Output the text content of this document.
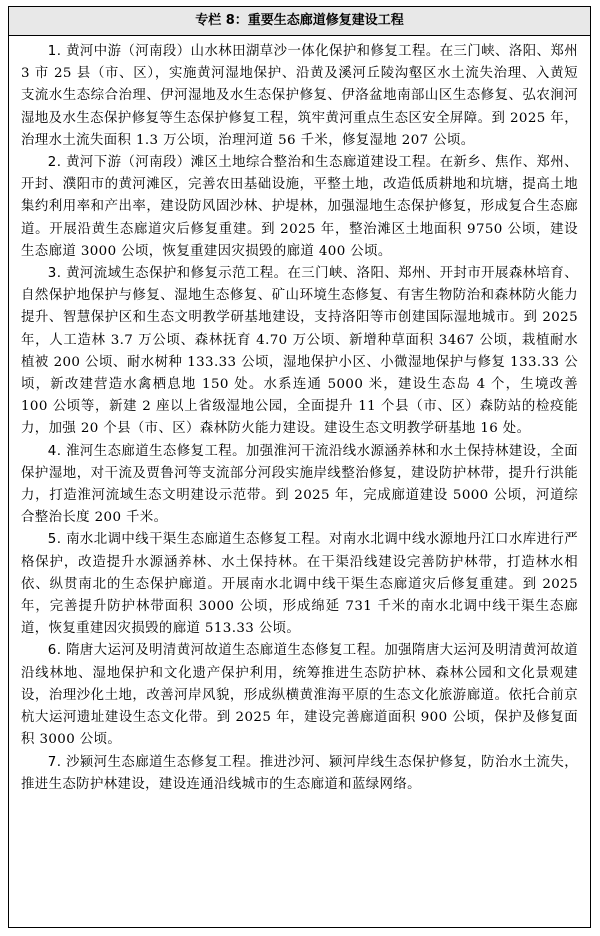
专栏 8：重要生态廊道修复建设工程

1. 黄河中游（河南段）山水林田湖草沙一体化保护和修复工程。在三门峡、洛阳、郑州 3 市 25 县（市、区），实施黄河湿地保护、沿黄及溪河丘陵沟壑区水土流失治理、入黄短支流水生态综合治理、伊河湿地及水生态保护修复、伊洛盆地南部山区生态修复、弘农涧河湿地及水生态保护修复等生态保护修复工程，筑牢黄河重点生态区安全屏障。到 2025 年，治理水土流失面积 1.3 万公顷，治理河道 56 千米，修复湿地 207 公顷。

2. 黄河下游（河南段）滩区土地综合整治和生态廊道建设工程。在新乡、焦作、郑州、开封、濮阳市的黄河滩区，完善农田基础设施，平整土地，改造低质耕地和坑塘，提高土地集约利用率和产出率，建设防风固沙林、护堤林，加强湿地生态保护修复，形成复合生态廊道。开展沿黄生态廊道灾后修复重建。到 2025 年，整治滩区土地面积 9750 公顷，建设生态廊道 3000 公顷，恢复重建因灾损毁的廊道 400 公顷。

3. 黄河流域生态保护和修复示范工程。在三门峡、洛阳、郑州、开封市开展森林培育、自然保护地保护与修复、湿地生态修复、矿山环境生态修复、有害生物防治和森林防火能力提升、智慧保护区和生态文明教学研基地建设，支持洛阳等市创建国际湿地城市。到 2025 年，人工造林 3.7 万公顷、森林抚育 4.70 万公顷、新增种草面积 3467 公顷，栽植耐水植被 200 公顷、耐水树种 133.33 公顷，湿地保护小区、小微湿地保护与修复 133.33 公顷，新改建营造水禽栖息地 150 处。水系连通 5000 米，建设生态岛 4 个，生境改善 100 公顷等，新建 2 座以上省级湿地公园，全面提升 11 个县（市、区）森防站的检疫能力，加强 20 个县（市、区）森林防火能力建设。建设生态文明教学研基地 16 处。

4. 淮河生态廊道生态修复工程。加强淮河干流沿线水源涵养林和水土保持林建设，全面保护湿地，对干流及贾鲁河等支流部分河段实施岸线整治修复，建设防护林带，提升行洪能力，打造淮河流域生态文明建设示范带。到 2025 年，完成廊道建设 5000 公顷，河道综合整治长度 200 千米。

5. 南水北调中线干渠生态廊道生态修复工程。对南水北调中线水源地丹江口水库进行严格保护，改造提升水源涵养林、水土保持林。在干渠沿线建设完善防护林带，打造林水相依、纵贯南北的生态保护廊道。开展南水北调中线干渠生态廊道灾后修复重建。到 2025 年，完善提升防护林带面积 3000 公顷，形成绵延 731 千米的南水北调中线干渠生态廊道，恢复重建因灾损毁的廊道 513.33 公顷。

6. 隋唐大运河及明清黄河故道生态廊道生态修复工程。加强隋唐大运河及明清黄河故道沿线林地、湿地保护和文化遗产保护利用，统筹推进生态防护林、森林公园和文化景观建设，治理沙化土地，改善河岸风貌，形成纵横黄淮海平原的生态文化旅游廊道。依托合前京杭大运河遗址建设生态文化带。到 2025 年，建设完善廊道面积 900 公顷，保护及修复面积 3000 公顷。

7. 沙颍河生态廊道生态修复工程。推进沙河、颍河岸线生态保护修复，防治水土流失，推进生态防护林建设，建设连通沿线城市的生态廊道和蓝绿网络。
